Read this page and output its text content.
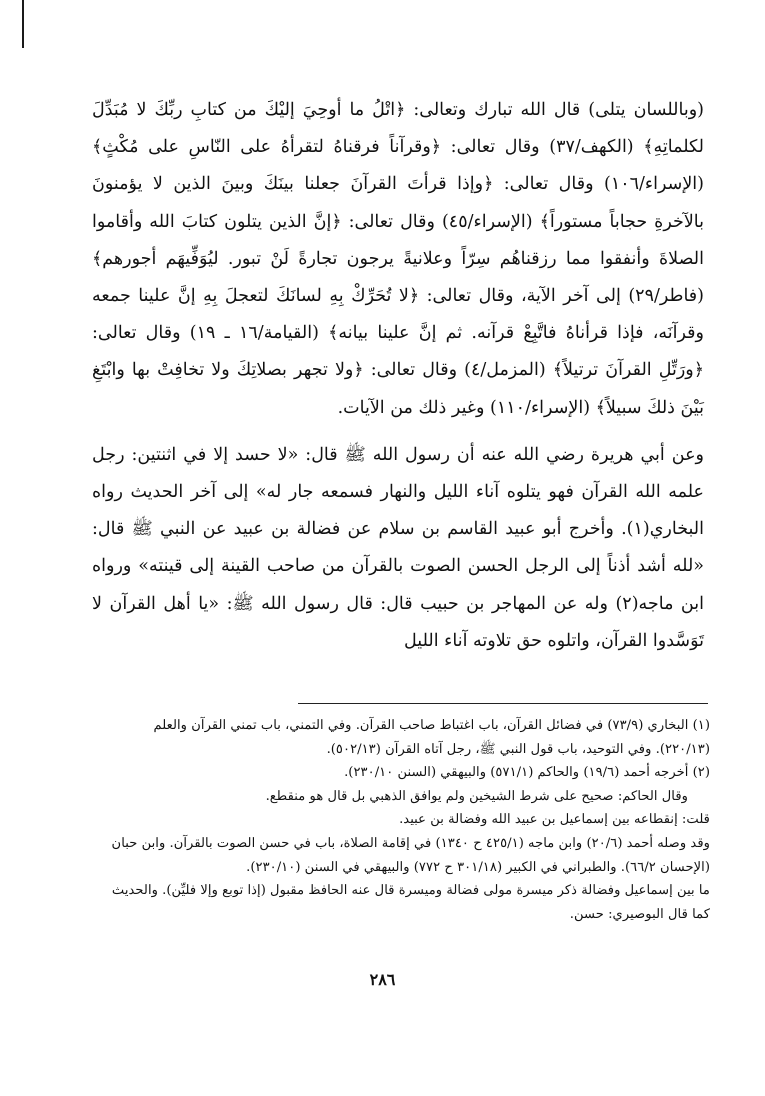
(وباللسان يتلى) قال الله تبارك وتعالى: ﴿اتْلُ ما أوحِيَ إليْكَ من كتابِ ربِّكَ لا مُبَدِّلَ لكلماتِهِ﴾ (الكهف/٣٧) وقال تعالى: ﴿وقرآناً فرقناهُ لتقرأهُ على النّاسِ على مُكْثٍ﴾ (الإسراء/١٠٦) وقال تعالى: ﴿وإذا قرأتَ القرآنَ جعلنا بينَكَ وبينَ الذين لا يؤمنونَ بالآخرةِ حجاباً مستوراً﴾ (الإسراء/٤٥) وقال تعالى: ﴿إنَّ الذين يتلون كتابَ الله وأقاموا الصلاةَ وأنفقوا مما رزقناهُم سِرّاً وعلانيةً يرجون تجارةً لَنْ تبور. ليُوَفِّيهَم أجورهم﴾ (فاطر/٢٩) إلى آخر الآية، وقال تعالى: ﴿لا تُحَرِّكْ بِهِ لسانَكَ لتعجلَ بِهِ إنَّ علينا جمعه وقرآنَه، فإذا قرأناهُ فاتَّبِعْ قرآنه. ثم إنَّ علينا بيانه﴾ (القيامة/١٦ ـ ١٩) وقال تعالى: ﴿ورَتِّلِ القرآنَ ترتيلاً﴾ (المزمل/٤) وقال تعالى: ﴿ولا تجهر بصلاتِكَ ولا تخافِتْ بها وابْتَغِ بَيْنَ ذلكَ سبيلاً﴾ (الإسراء/١١٠) وغير ذلك من الآيات.

وعن أبي هريرة رضي الله عنه أن رسول الله ﷺ قال: «لا حسد إلا في اثنتين: رجل علمه الله القرآن فهو يتلوه آناء الليل والنهار فسمعه جار له» إلى آخر الحديث رواه البخاري(١). وأخرج أبو عبيد القاسم بن سلام عن فضالة بن عبيد عن النبي ﷺ قال: «لله أشد أذناً إلى الرجل الحسن الصوت بالقرآن من صاحب القينة إلى قينته» ورواه ابن ماجه(٢) وله عن المهاجر بن حبيب قال: قال رسول الله ﷺ: «يا أهل القرآن لا تَوَسَّدوا القرآن، واتلوه حق تلاوته آناء الليل

(١) البخاري (٧٣/٩) في فضائل القرآن، باب اغتباط صاحب القرآن. وفي التمني، باب تمني القرآن والعلم (٢٢٠/١٣). وفي التوحيد، باب قول النبي ﷺ، رجل آتاه القرآن (٥٠٢/١٣).

(٢) أخرجه أحمد (١٩/٦) والحاكم (٥٧١/١) والبيهقي (السنن ٢٣٠/١٠).

وقال الحاكم: صحيح على شرط الشيخين ولم يوافق الذهبي بل قال هو منقطع.

قلت: إنقطاعه بين إسماعيل بن عبيد الله وفضالة بن عبيد.

وقد وصله أحمد (٢٠/٦) وابن ماجه (٤٢٥/١ ح ١٣٤٠) في إقامة الصلاة، باب في حسن الصوت بالقرآن. وابن حبان (الإحسان ٦٦/٢). والطبراني في الكبير (٣٠١/١٨ ح ٧٧٢) والبيهقي في السنن (٢٣٠/١٠).

ما بين إسماعيل وفضالة ذكر ميسرة مولى فضالة وميسرة قال عنه الحافظ مقبول (إذا توبع وإلا فليِّن). والحديث كما قال البوصيري: حسن.

٢٨٦
